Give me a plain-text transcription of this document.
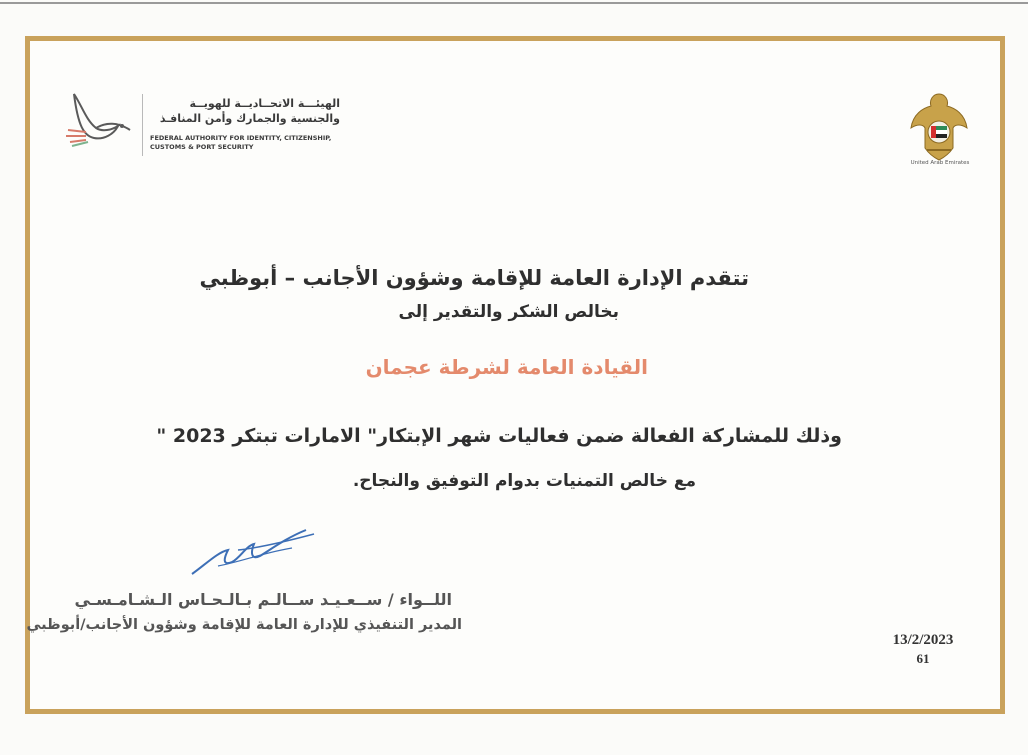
الهيئـــة الاتحــاديــة للهويــة والجنسية والجمارك وأمن المنافـذ
FEDERAL AUTHORITY FOR IDENTITY, CITIZENSHIP, CUSTOMS & PORT SECURITY
United Arab Emirates
تتقدم الإدارة العامة للإقامة وشؤون الأجانب – أبوظبي
بخالص الشكر والتقدير إلى
القيادة العامة لشرطة عجمان
وذلك للمشاركة الفعالة ضمن فعاليات شهر الإبتكار" الامارات تبتكر 2023 "
مع خالص التمنيات بدوام التوفيق والنجاح.
اللــواء / ســعـيـد ســالـم بـالـحـاس الـشـامـسـي
المدير التنفيذي للإدارة العامة للإقامة وشؤون الأجانب/أبوظبي
13/2/2023
61
